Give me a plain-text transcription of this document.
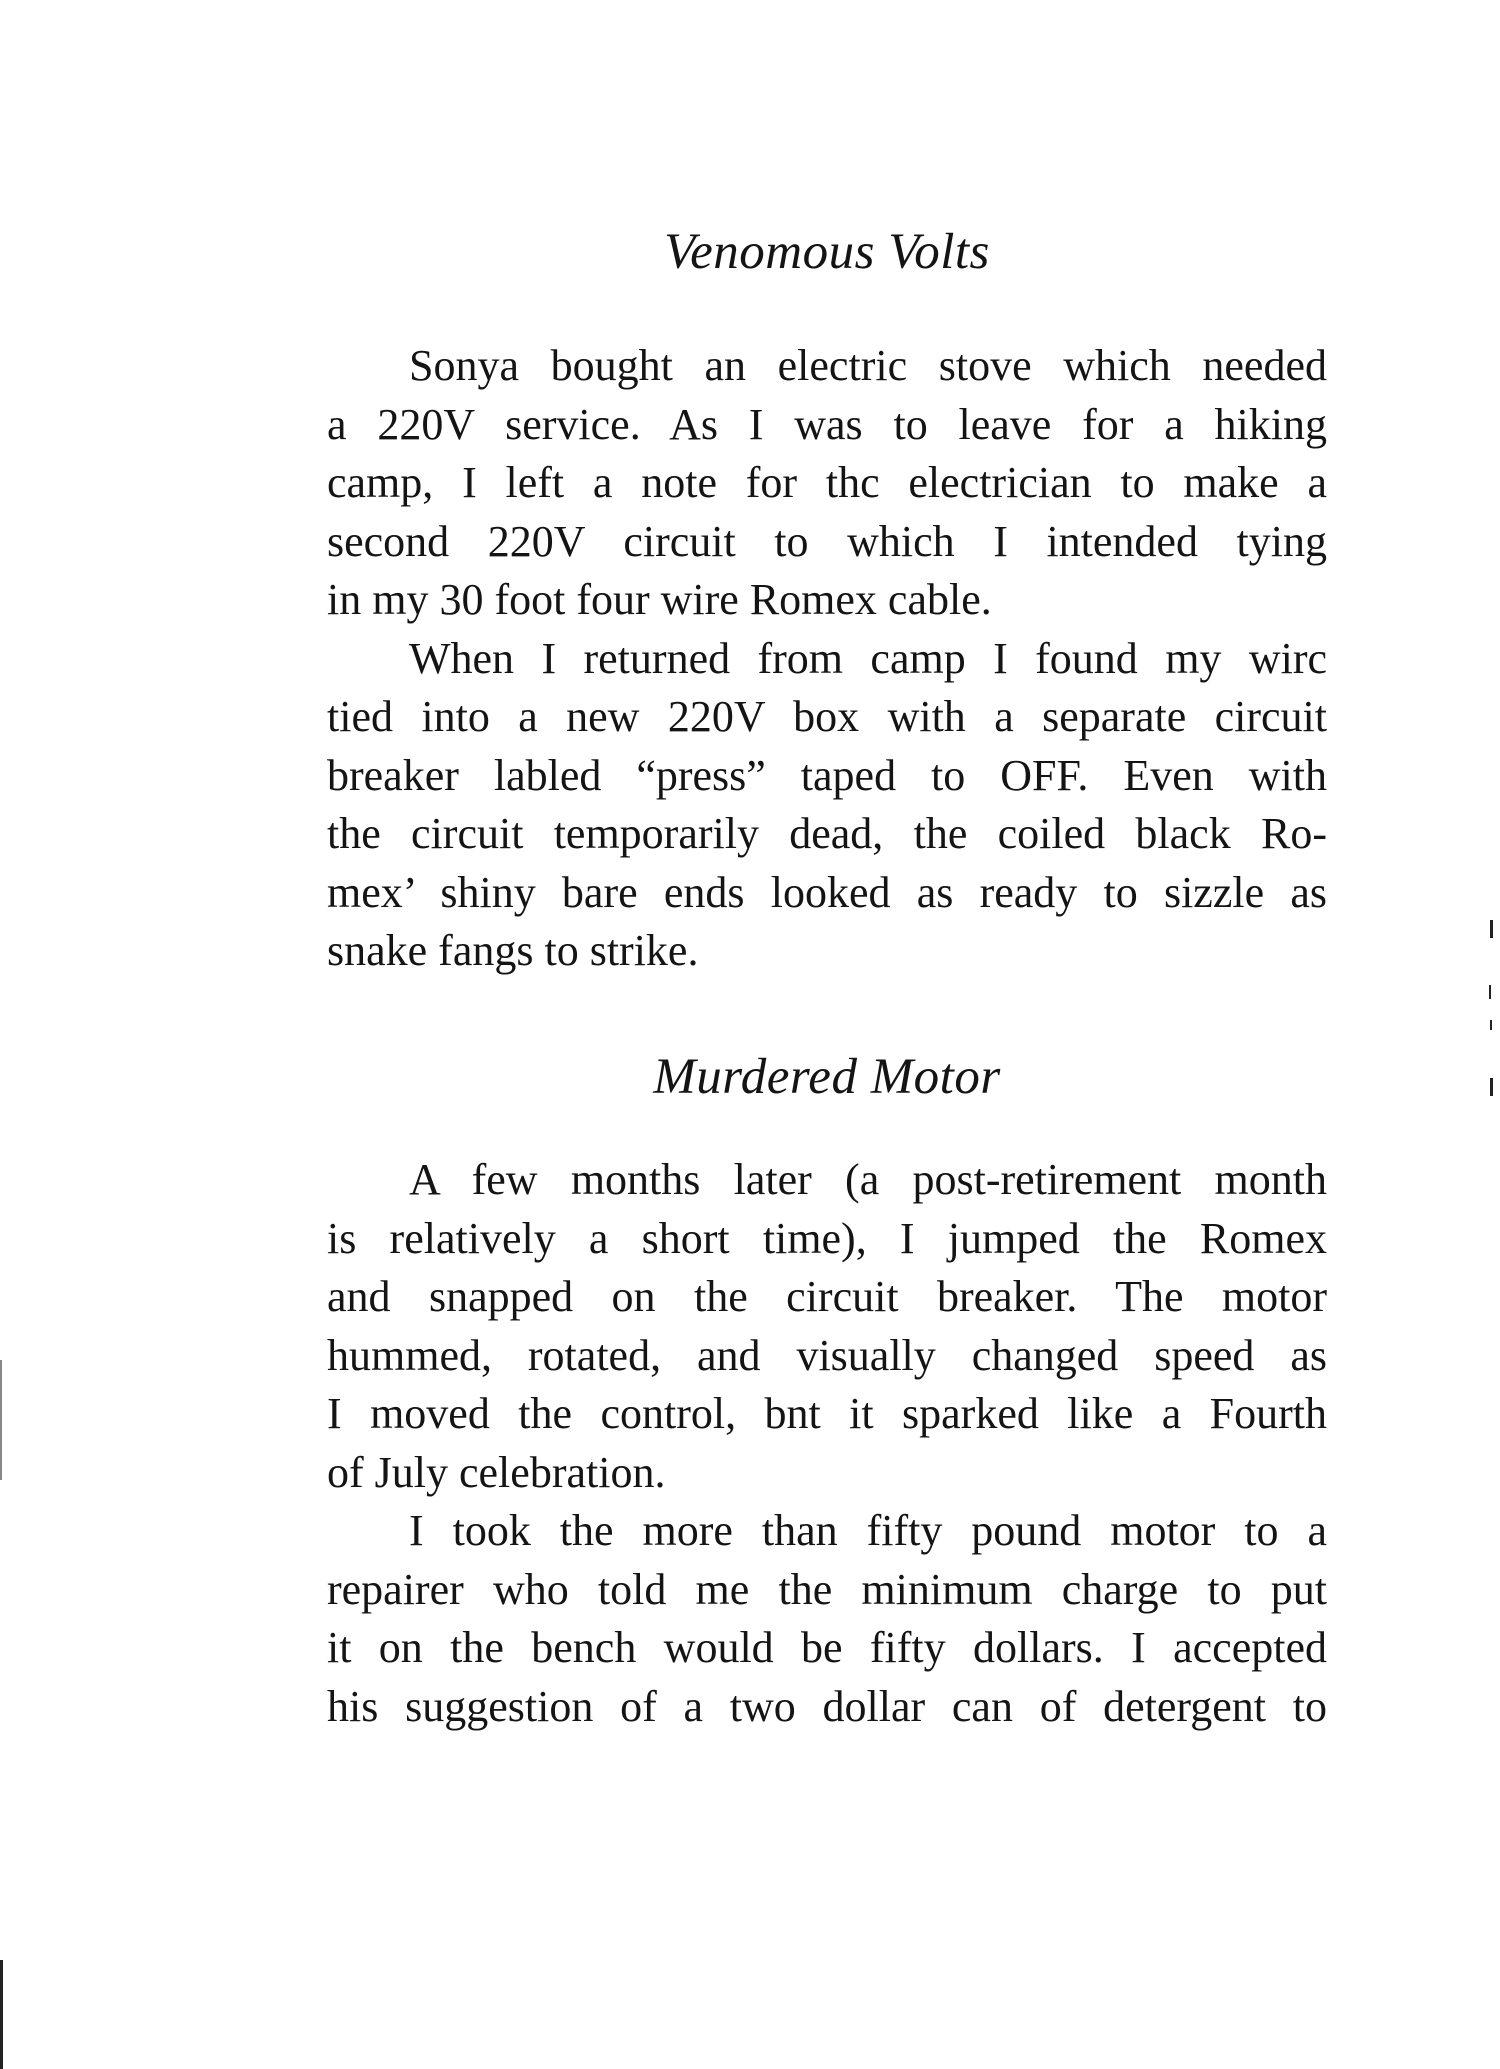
Venomous Volts

Sonya bought an electric stove which needed
a 220V service. As I was to leave for a hiking
camp, I left a note for thc electrician to make a
second 220V circuit to which I intended tying
in my 30 foot four wire Romex cable.

When I returned from camp I found my wirc
tied into a new 220V box with a separate circuit
breaker labled “press” taped to OFF. Even with
the circuit temporarily dead, the coiled black Ro-
mex’ shiny bare ends looked as ready to sizzle as
snake fangs to strike.

Murdered Motor

A few months later (a post-retirement month
is relatively a short time), I jumped the Romex
and snapped on the circuit breaker. The motor
hummed, rotated, and visually changed speed as
I moved the control, bnt it sparked like a Fourth
of July celebration.

I took the more than fifty pound motor to a
repairer who told me the minimum charge to put
it on the bench would be fifty dollars. I accepted
his suggestion of a two dollar can of detergent to
